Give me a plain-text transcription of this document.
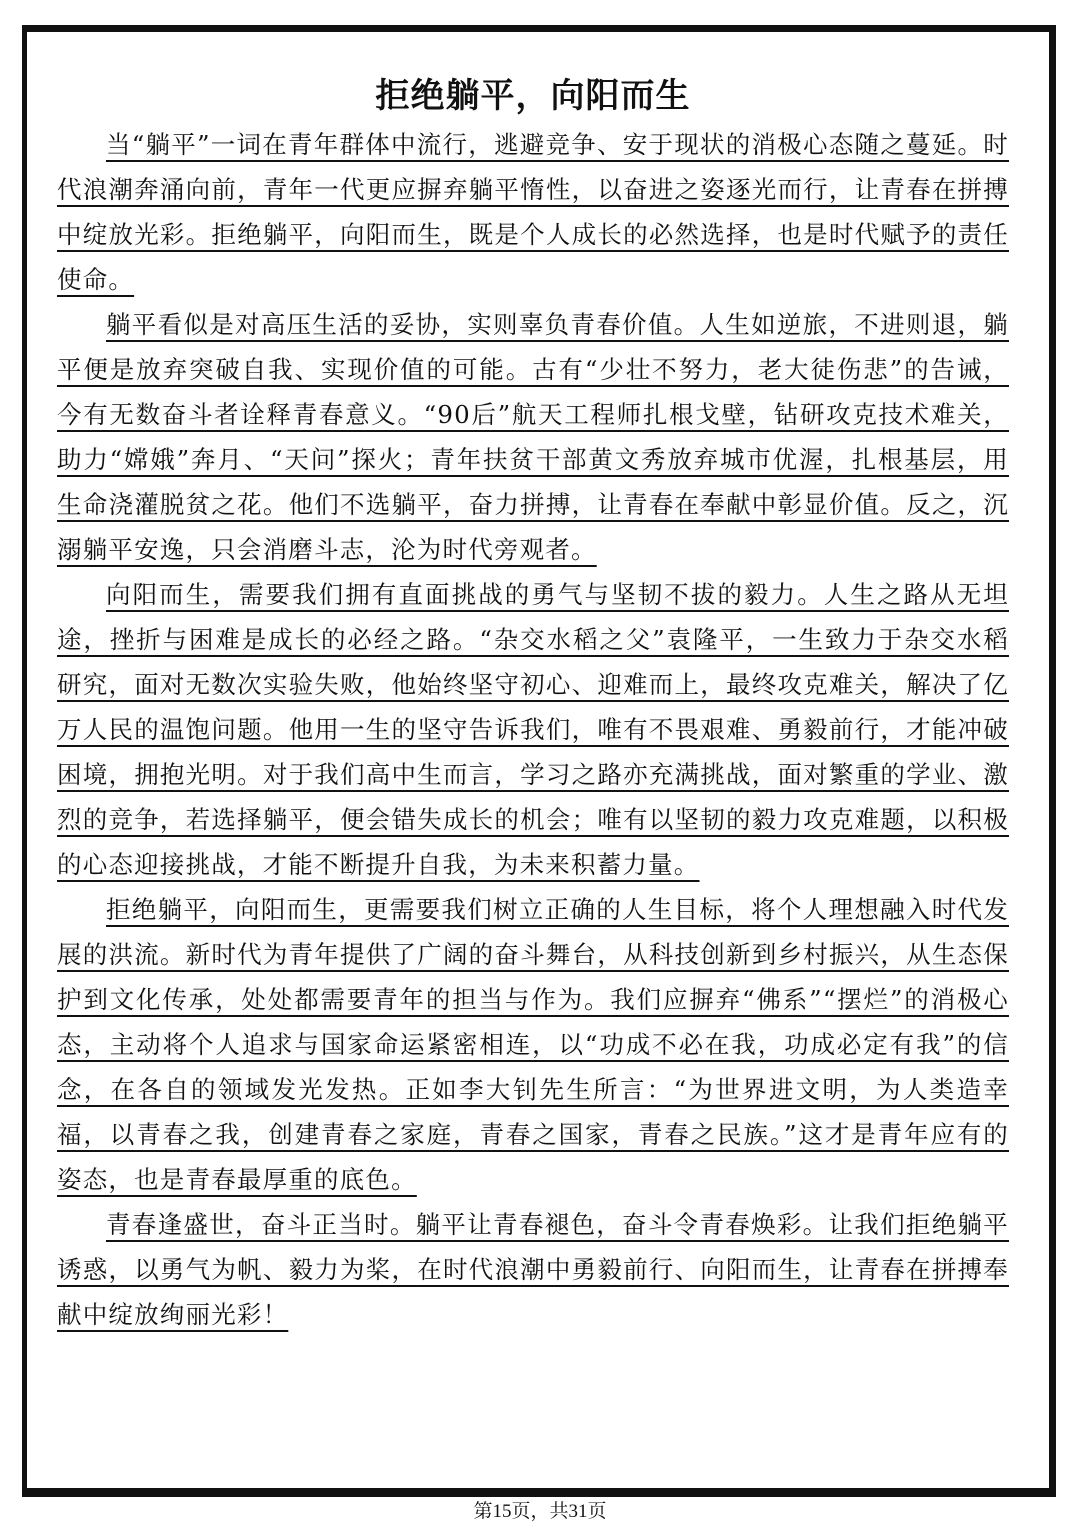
拒绝躺平，向阳而生

当“躺平”一词在青年群体中流行，逃避竞争、安于现状的消极心态随之蔓延。时代浪潮奔涌向前，青年一代更应摒弃躺平惰性，以奋进之姿逐光而行，让青春在拼搏中绽放光彩。拒绝躺平，向阳而生，既是个人成长的必然选择，也是时代赋予的责任使命。

躺平看似是对高压生活的妥协，实则辜负青春价值。人生如逆旅，不进则退，躺平便是放弃突破自我、实现价值的可能。古有“少壮不努力，老大徒伤悲”的告诫，今有无数奋斗者诠释青春意义。“90后”航天工程师扎根戈壁，钻研攻克技术难关，助力“嫦娥”奔月、“天问”探火；青年扶贫干部黄文秀放弃城市优渥，扎根基层，用生命浇灌脱贫之花。他们不选躺平，奋力拼搏，让青春在奉献中彰显价值。反之，沉溺躺平安逸，只会消磨斗志，沦为时代旁观者。

向阳而生，需要我们拥有直面挑战的勇气与坚韧不拔的毅力。人生之路从无坦途，挫折与困难是成长的必经之路。“杂交水稻之父”袁隆平，一生致力于杂交水稻研究，面对无数次实验失败，他始终坚守初心、迎难而上，最终攻克难关，解决了亿万人民的温饱问题。他用一生的坚守告诉我们，唯有不畏艰难、勇毅前行，才能冲破困境，拥抱光明。对于我们高中生而言，学习之路亦充满挑战，面对繁重的学业、激烈的竞争，若选择躺平，便会错失成长的机会；唯有以坚韧的毅力攻克难题，以积极的心态迎接挑战，才能不断提升自我，为未来积蓄力量。

拒绝躺平，向阳而生，更需要我们树立正确的人生目标，将个人理想融入时代发展的洪流。新时代为青年提供了广阔的奋斗舞台，从科技创新到乡村振兴，从生态保护到文化传承，处处都需要青年的担当与作为。我们应摒弃“佛系”“摆烂”的消极心态，主动将个人追求与国家命运紧密相连，以“功成不必在我，功成必定有我”的信念，在各自的领域发光发热。正如李大钊先生所言：“为世界进文明，为人类造幸福，以青春之我，创建青春之家庭，青春之国家，青春之民族。”这才是青年应有的姿态，也是青春最厚重的底色。

青春逢盛世，奋斗正当时。躺平让青春褪色，奋斗令青春焕彩。让我们拒绝躺平诱惑，以勇气为帆、毅力为桨，在时代浪潮中勇毅前行、向阳而生，让青春在拼搏奉献中绽放绚丽光彩！

第15页，共31页
